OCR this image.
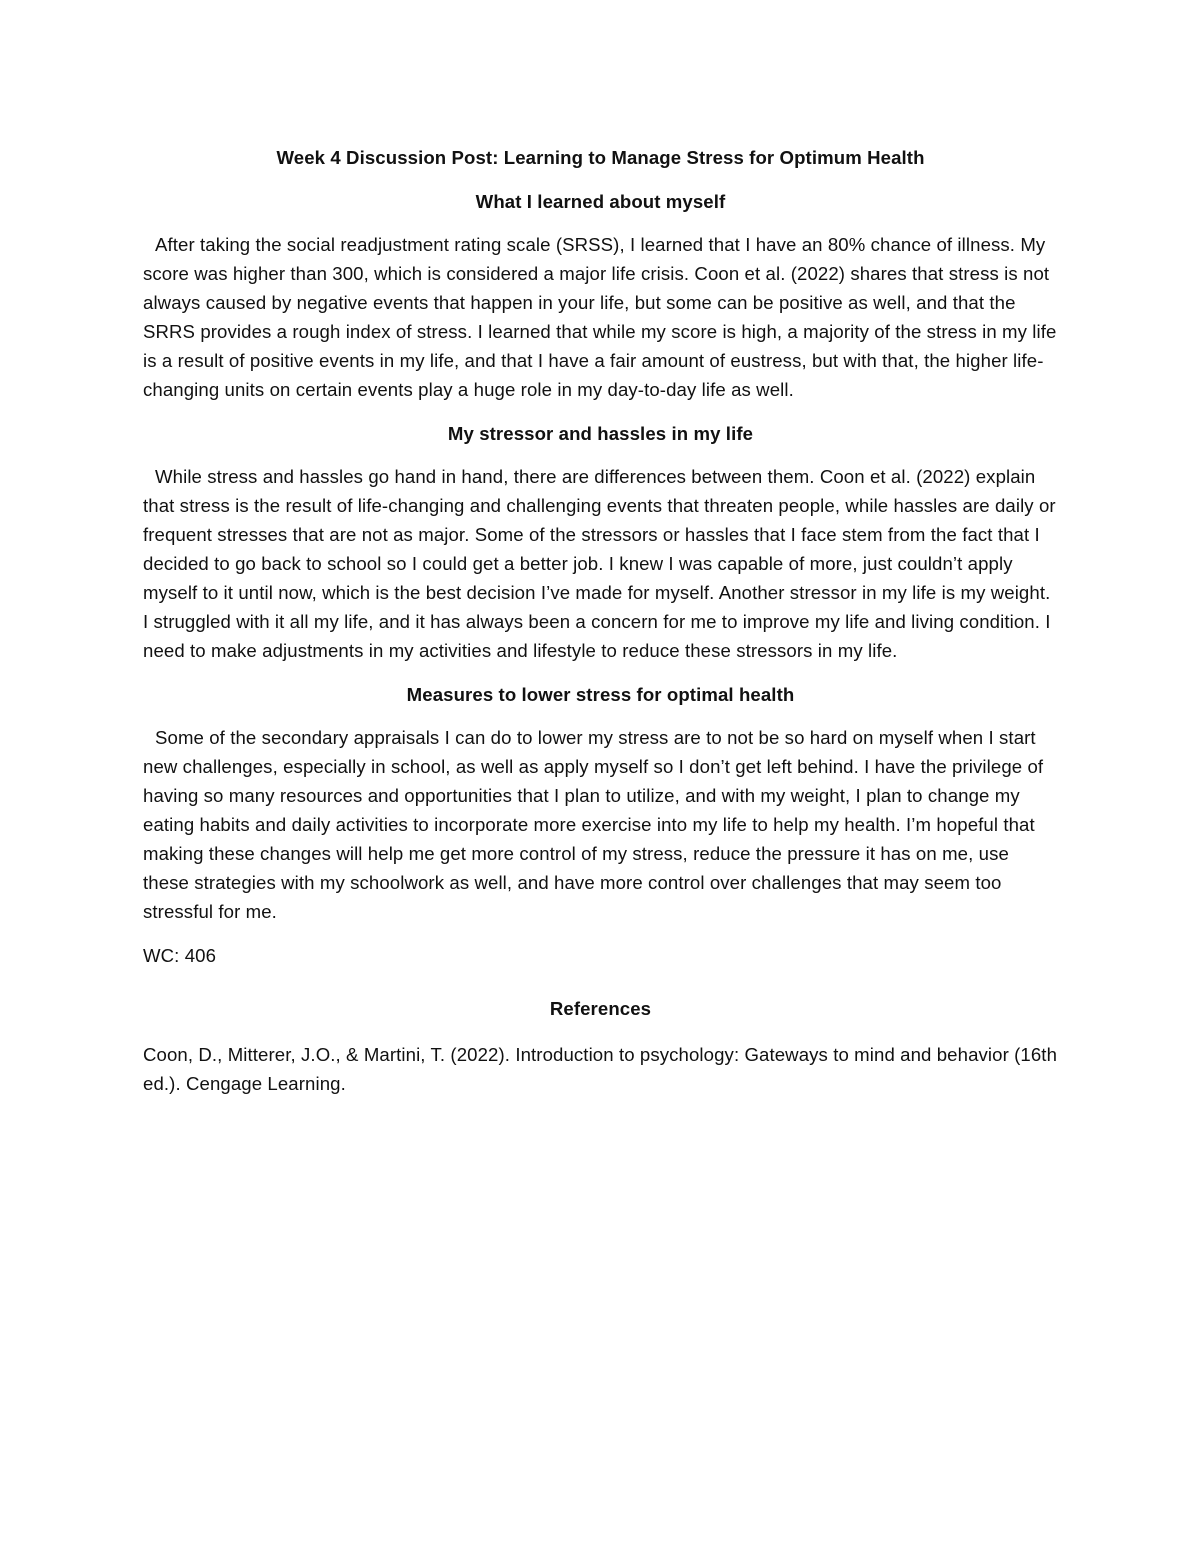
Week 4 Discussion Post: Learning to Manage Stress for Optimum Health

What I learned about myself

After taking the social readjustment rating scale (SRSS), I learned that I have an 80% chance of illness. My score was higher than 300, which is considered a major life crisis. Coon et al. (2022) shares that stress is not always caused by negative events that happen in your life, but some can be positive as well, and that the SRRS provides a rough index of stress. I learned that while my score is high, a majority of the stress in my life is a result of positive events in my life, and that I have a fair amount of eustress, but with that, the higher life-changing units on certain events play a huge role in my day-to-day life as well.

My stressor and hassles in my life

While stress and hassles go hand in hand, there are differences between them. Coon et al. (2022) explain that stress is the result of life-changing and challenging events that threaten people, while hassles are daily or frequent stresses that are not as major. Some of the stressors or hassles that I face stem from the fact that I decided to go back to school so I could get a better job. I knew I was capable of more, just couldn’t apply myself to it until now, which is the best decision I’ve made for myself. Another stressor in my life is my weight. I struggled with it all my life, and it has always been a concern for me to improve my life and living condition. I need to make adjustments in my activities and lifestyle to reduce these stressors in my life.

Measures to lower stress for optimal health

Some of the secondary appraisals I can do to lower my stress are to not be so hard on myself when I start new challenges, especially in school, as well as apply myself so I don’t get left behind. I have the privilege of having so many resources and opportunities that I plan to utilize, and with my weight, I plan to change my eating habits and daily activities to incorporate more exercise into my life to help my health. I’m hopeful that making these changes will help me get more control of my stress, reduce the pressure it has on me, use these strategies with my schoolwork as well, and have more control over challenges that may seem too stressful for me.

WC: 406

References

Coon, D., Mitterer, J.O., & Martini, T. (2022). Introduction to psychology: Gateways to mind and behavior (16th ed.). Cengage Learning.
